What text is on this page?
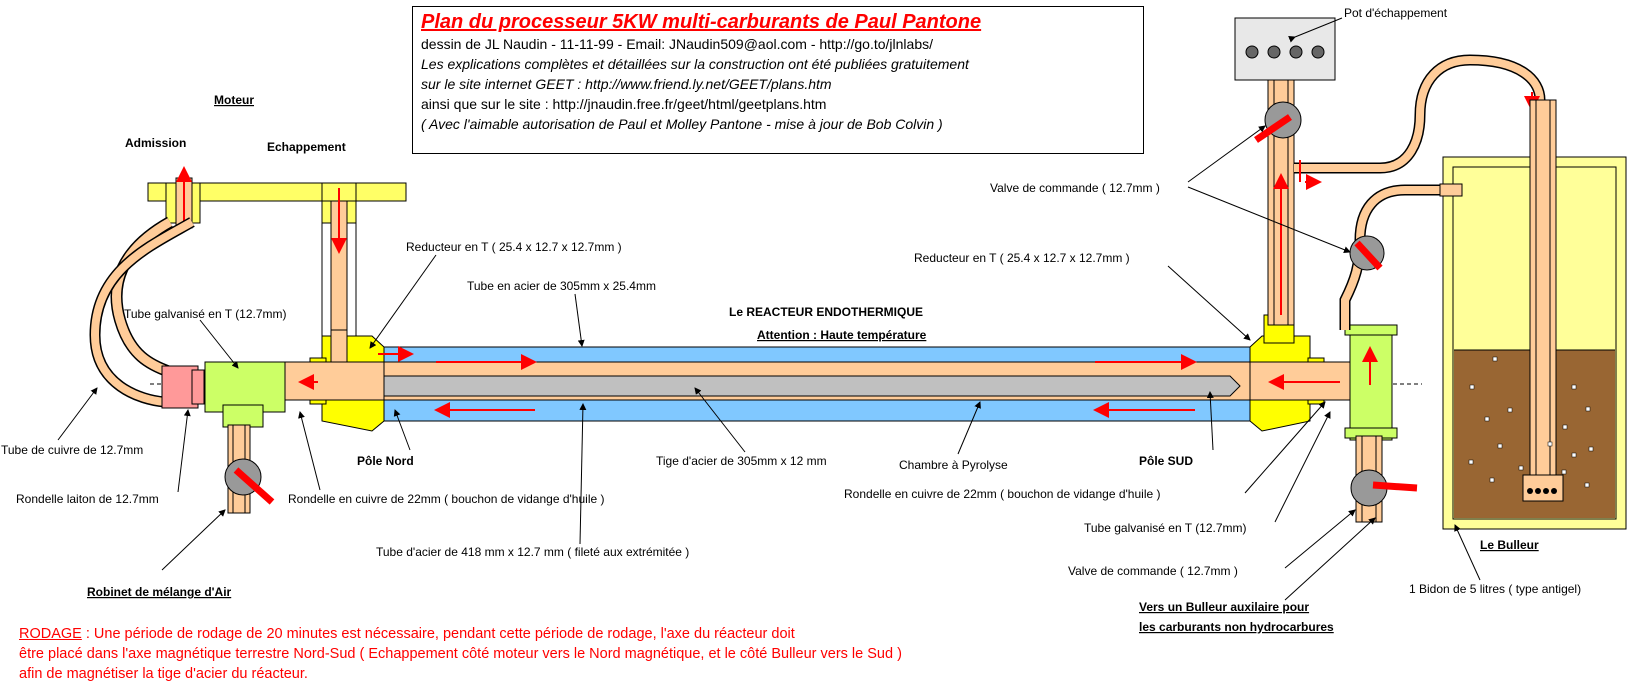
Moteur
Admission	Echappement
Pot d'échappement
Valve de commande ( 12.7mm )
Reducteur en T ( 25.4 x 12.7 x 12.7mm )
Reducteur en T ( 25.4 x 12.7 x 12.7mm )
Tube en acier de 305mm x 25.4mm
Le REACTEUR ENDOTHERMIQUE
Attention : Haute température
Tube galvanisé en T (12.7mm)
Tube de cuivre de 12.7mm
Rondelle laiton de 12.7mm	Rondelle en cuivre de 22mm ( bouchon de vidange d'huile )
Pôle Nord	Tige d'acier de 305mm x 12 mm	Chambre à Pyrolyse	Pôle SUD
Rondelle en cuivre de 22mm ( bouchon de vidange d'huile )
Tube galvanisé en T (12.7mm)
Tube d'acier de 418 mm x 12.7 mm ( fileté aux extrémitée )
Valve de commande ( 12.7mm )
Robinet de mélange d'Air
Le Bulleur
1 Bidon de 5 litres ( type antigel)
Vers un Bulleur auxilaire pour
les carburants non hydrocarbures
Plan du processeur 5KW multi-carburants de Paul Pantone
dessin de JL Naudin - 11-11-99 - Email: JNaudin509@aol.com - http://go.to/jlnlabs/
Les explications complètes et détaillées sur la construction ont été publiées gratuitement
sur le site internet GEET : http://www.friend.ly.net/GEET/plans.htm
ainsi que sur le site : http://jnaudin.free.fr/geet/html/geetplans.htm
( Avec l'aimable autorisation de Paul et Molley Pantone - mise à jour de Bob Colvin )
RODAGE : Une période de rodage de 20 minutes est nécessaire, pendant cette période de rodage, l'axe du réacteur doit
être placé dans l'axe magnétique terrestre Nord-Sud ( Echappement côté moteur vers le Nord magnétique, et le côté Bulleur vers le Sud )
afin de magnétiser la tige d'acier du réacteur.
